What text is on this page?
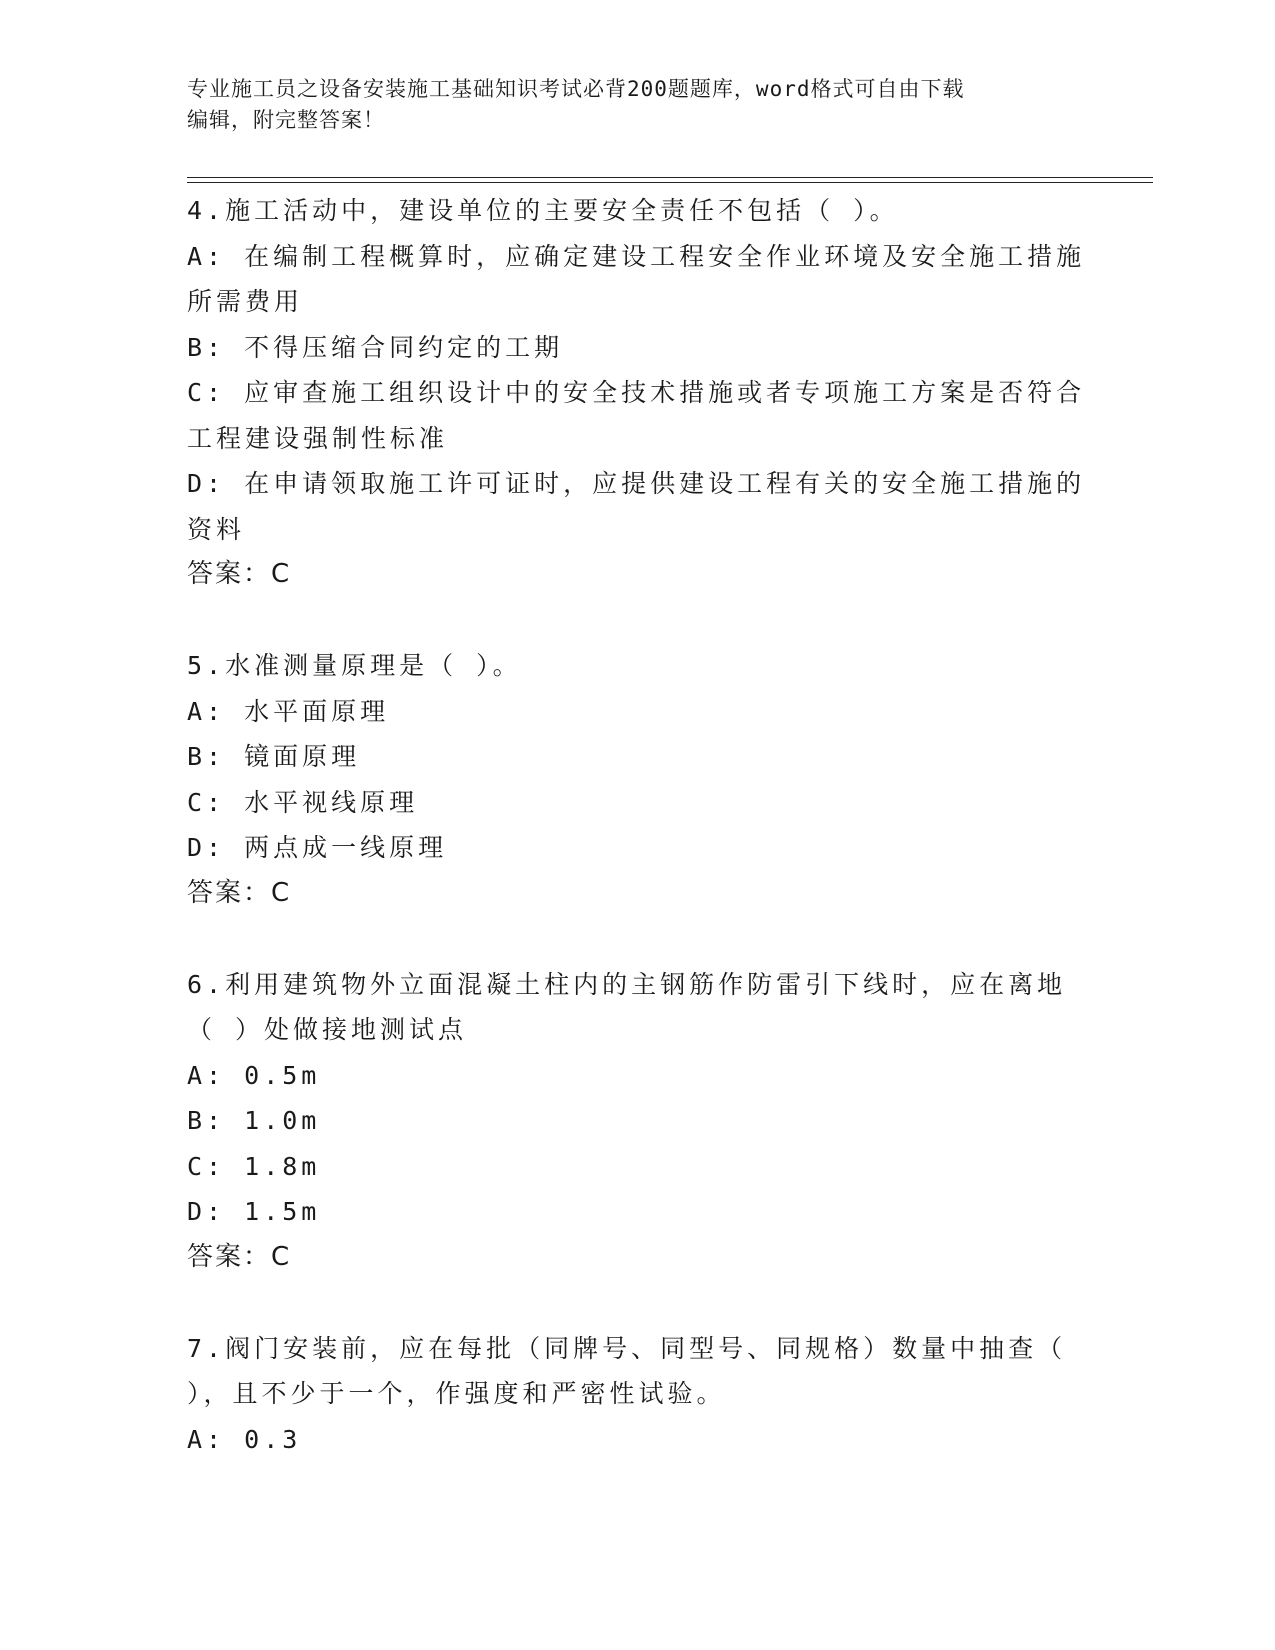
专业施工员之设备安装施工基础知识考试必背200题题库，word格式可自由下载
编辑，附完整答案！
4.施工活动中，建设单位的主要安全责任不包括（ ）。
A: 在编制工程概算时，应确定建设工程安全作业环境及安全施工措施
所需费用
B: 不得压缩合同约定的工期
C: 应审查施工组织设计中的安全技术措施或者专项施工方案是否符合
工程建设强制性标准
D: 在申请领取施工许可证时，应提供建设工程有关的安全施工措施的
资料
答案：C
5.水准测量原理是（ ）。
A: 水平面原理
B: 镜面原理
C: 水平视线原理
D: 两点成一线原理
答案：C
6.利用建筑物外立面混凝土柱内的主钢筋作防雷引下线时，应在离地
（ ）处做接地测试点
A: 0.5m
B: 1.0m
C: 1.8m
D: 1.5m
答案：C
7.阀门安装前，应在每批（同牌号、同型号、同规格）数量中抽查（
），且不少于一个，作强度和严密性试验。
A: 0.3
